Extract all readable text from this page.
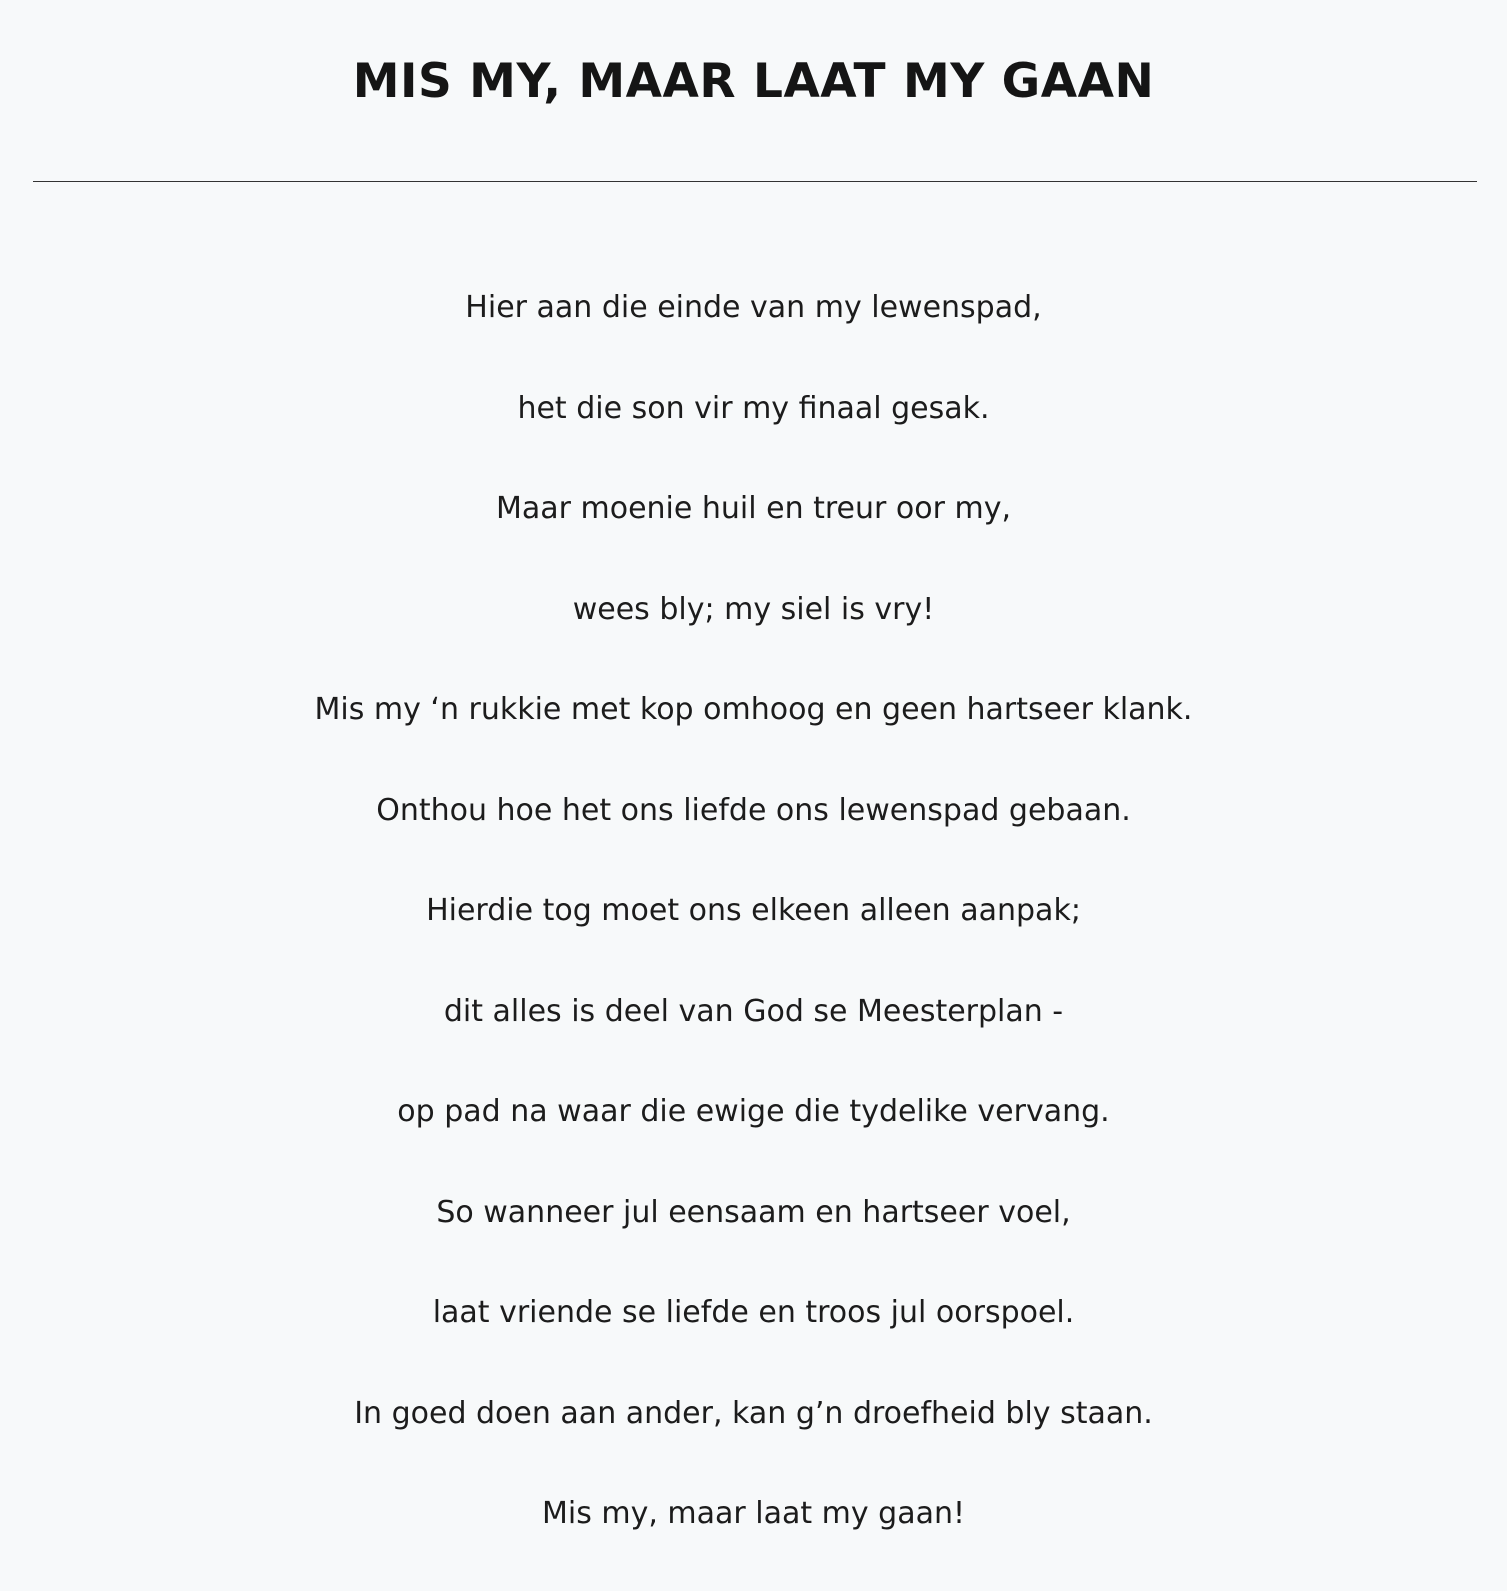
MIS MY, MAAR LAAT MY GAAN
Hier aan die einde van my lewenspad,
het die son vir my finaal gesak.
Maar moenie huil en treur oor my,
wees bly; my siel is vry!
Mis my ‘n rukkie met kop omhoog en geen hartseer klank.
Onthou hoe het ons liefde ons lewenspad gebaan.
Hierdie tog moet ons elkeen alleen aanpak;
dit alles is deel van God se Meesterplan -
op pad na waar die ewige die tydelike vervang.
So wanneer jul eensaam en hartseer voel,
laat vriende se liefde en troos jul oorspoel.
In goed doen aan ander, kan g’n droefheid bly staan.
Mis my, maar laat my gaan!
